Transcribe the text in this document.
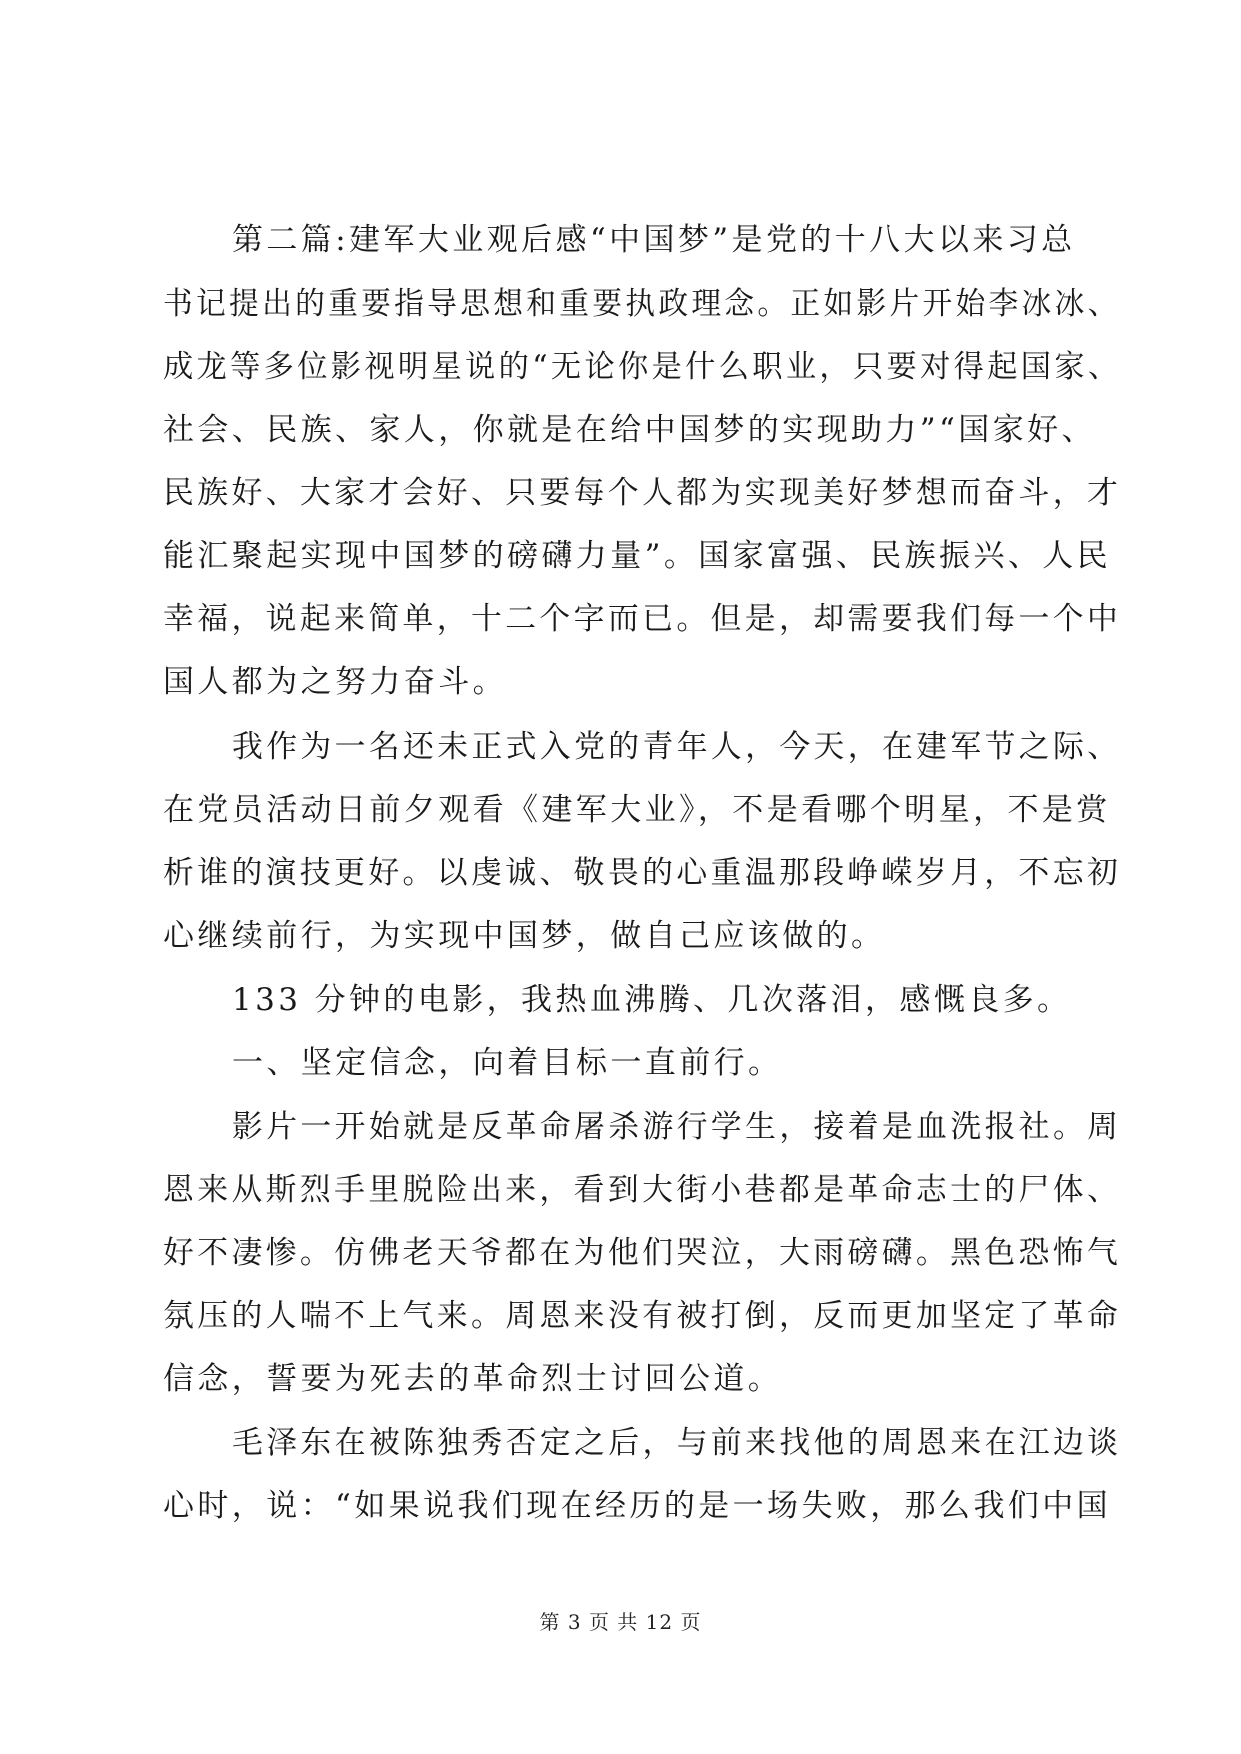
第二篇:建军大业观后感“中国梦”是党的十八大以来习总
书记提出的重要指导思想和重要执政理念。正如影片开始李冰冰、
成龙等多位影视明星说的“无论你是什么职业，只要对得起国家、
社会、民族、家人，你就是在给中国梦的实现助力”“国家好、
民族好、大家才会好、只要每个人都为实现美好梦想而奋斗，才
能汇聚起实现中国梦的磅礴力量”。国家富强、民族振兴、人民
幸福，说起来简单，十二个字而已。但是，却需要我们每一个中
国人都为之努力奋斗。
我作为一名还未正式入党的青年人，今天，在建军节之际、
在党员活动日前夕观看《建军大业》，不是看哪个明星，不是赏
析谁的演技更好。以虔诚、敬畏的心重温那段峥嵘岁月，不忘初
心继续前行，为实现中国梦，做自己应该做的。
133 分钟的电影，我热血沸腾、几次落泪，感慨良多。
一、坚定信念，向着目标一直前行。
影片一开始就是反革命屠杀游行学生，接着是血洗报社。周
恩来从斯烈手里脱险出来，看到大街小巷都是革命志士的尸体、
好不凄惨。仿佛老天爷都在为他们哭泣，大雨磅礴。黑色恐怖气
氛压的人喘不上气来。周恩来没有被打倒，反而更加坚定了革命
信念，誓要为死去的革命烈士讨回公道。
毛泽东在被陈独秀否定之后，与前来找他的周恩来在江边谈
心时，说：“如果说我们现在经历的是一场失败，那么我们中国
第 3 页 共 12 页
